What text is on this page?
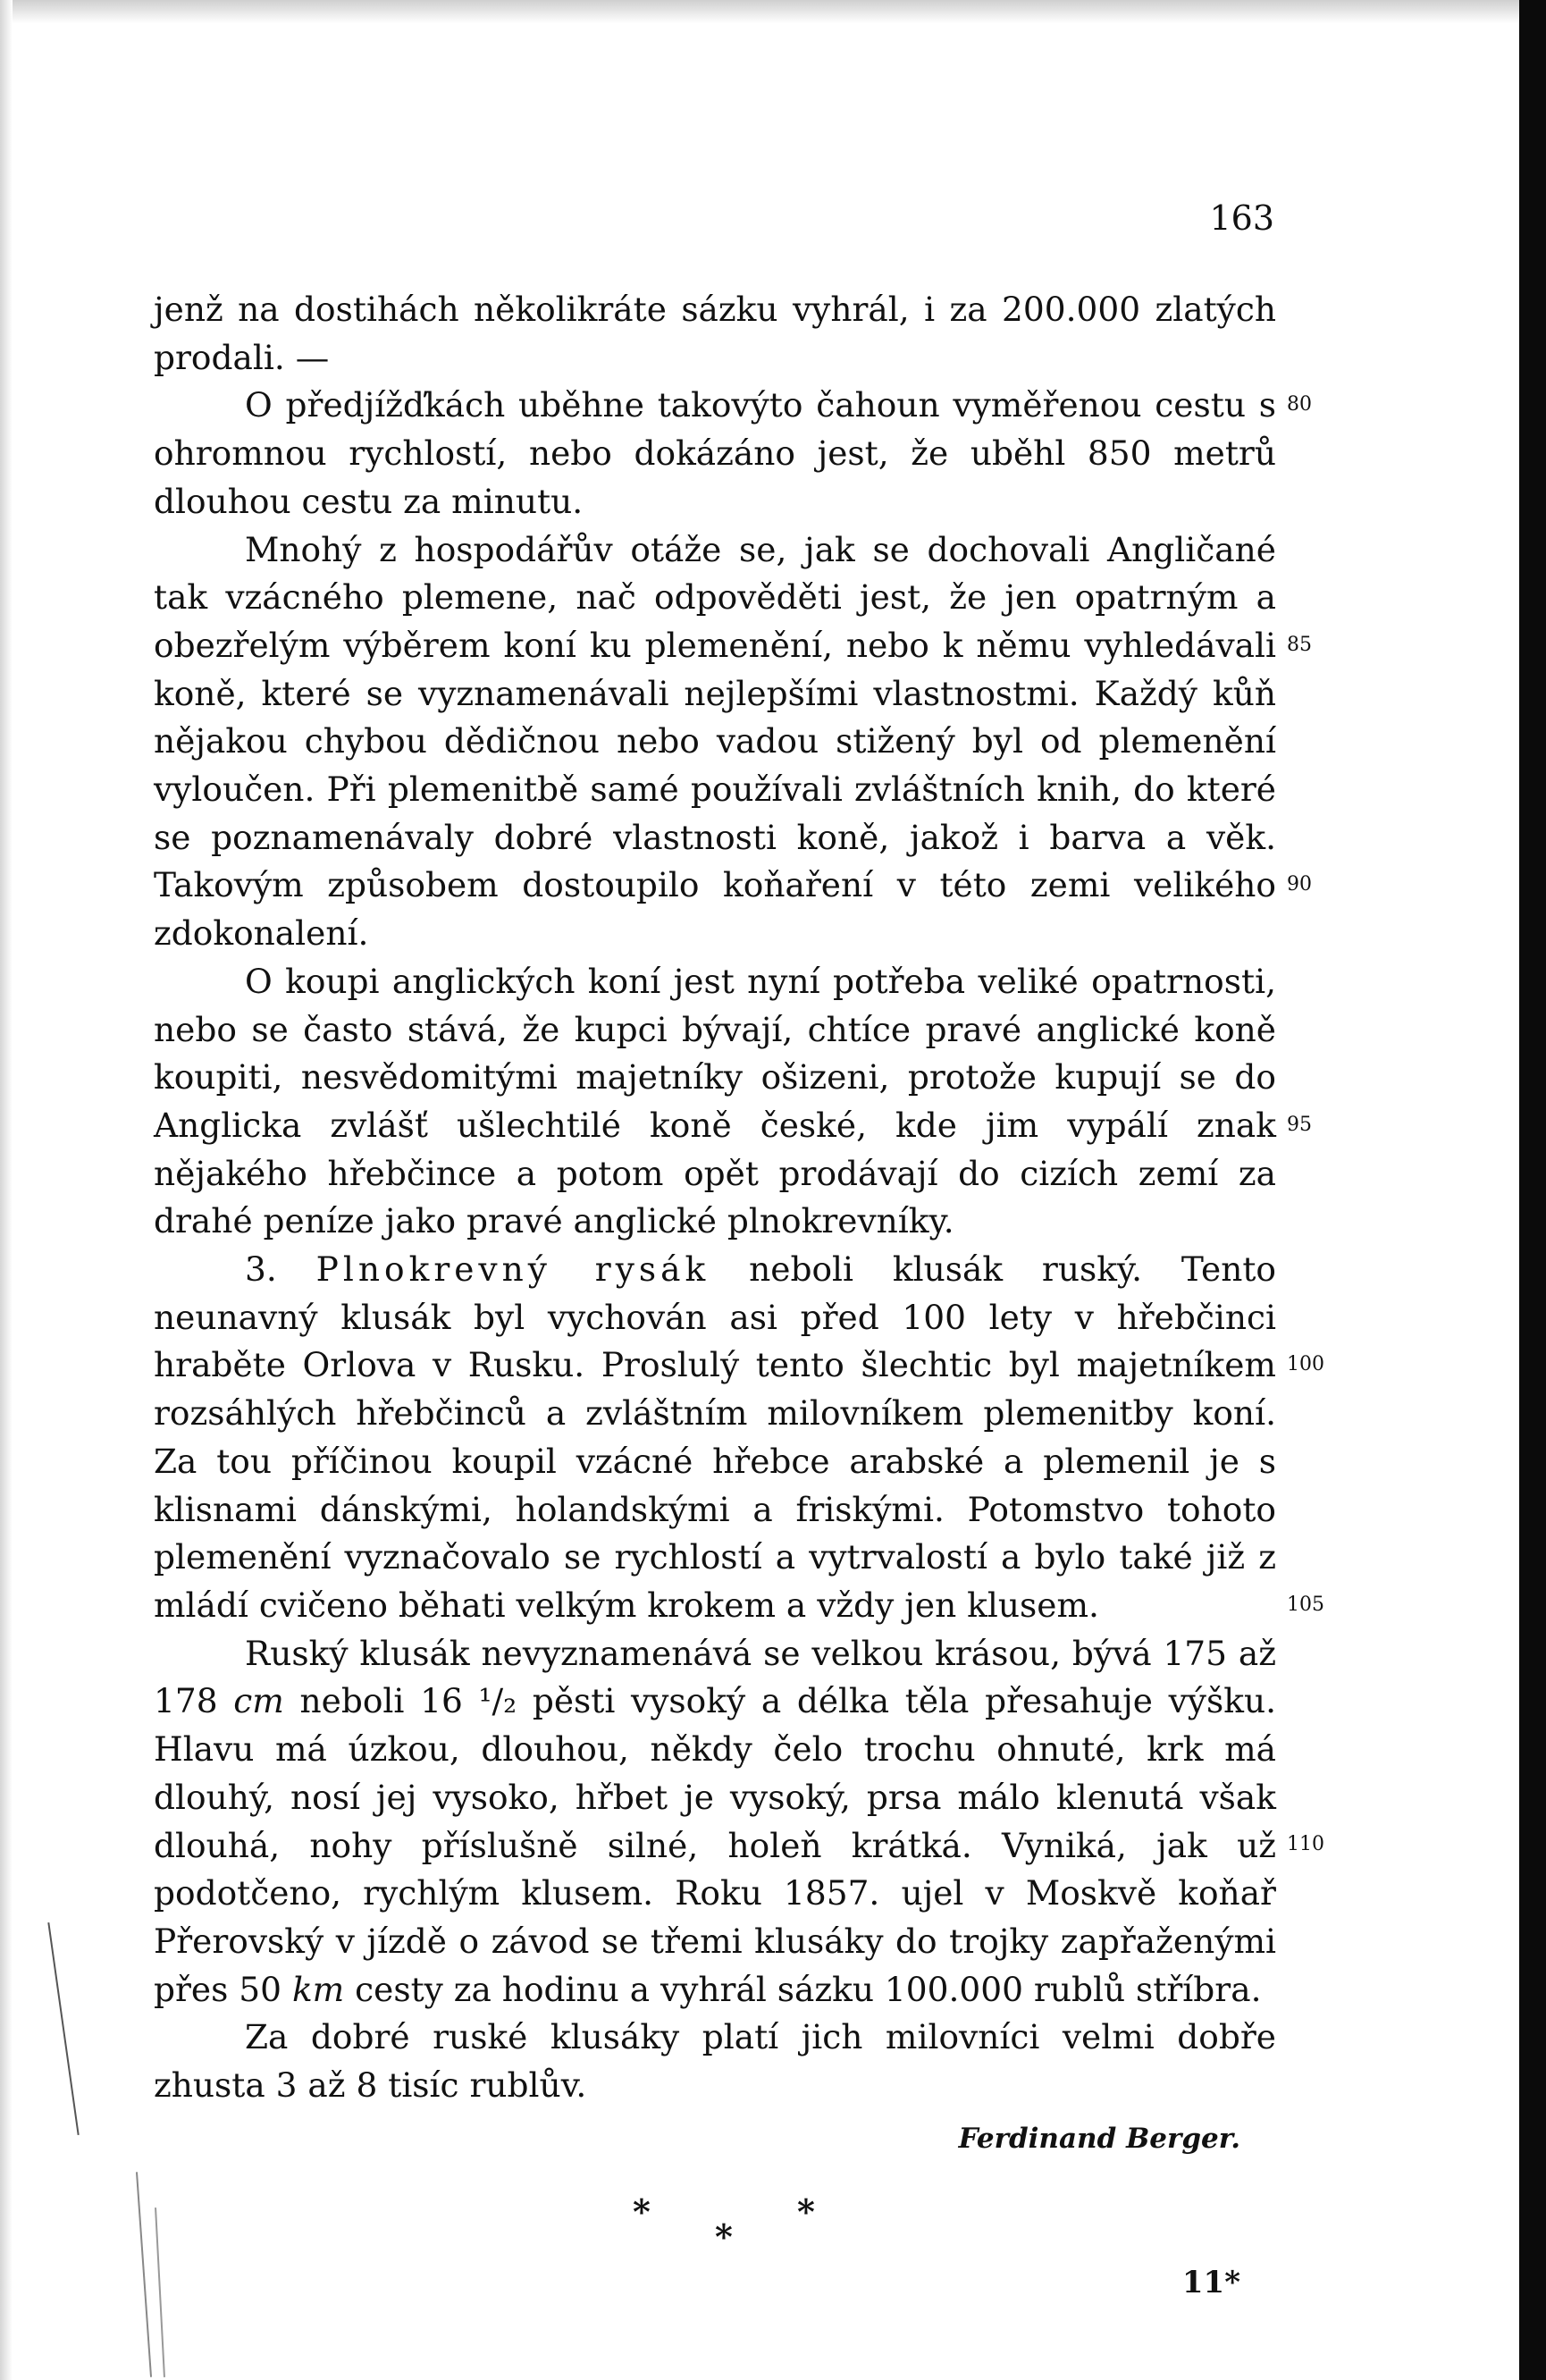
163

jenž na dostihách několikráte sázku vyhrál, i za 200.000 zlatých prodali. —

O předjížďkách uběhne takovýto čahoun vyměřenou cestu s ohromnou rychlostí, nebo dokázáno jest, že uběhl 850 metrů dlouhou cestu za minutu.

Mnohý z hospodářův otáže se, jak se dochovali Angličané tak vzácného plemene, nač odpověděti jest, že jen opatrným a obezřelým výběrem koní ku plemenění, nebo k němu vyhledávali koně, které se vyznamenávali nejlepšími vlastnostmi. Každý kůň nějakou chybou dědičnou nebo vadou stižený byl od plemenění vyloučen. Při plemenitbě samé používali zvláštních knih, do které se poznamenávaly dobré vlastnosti koně, jakož i barva a věk. Takovým způsobem dostoupilo koňaření v této zemi velikého zdokonalení.

O koupi anglických koní jest nyní potřeba veliké opatrnosti, nebo se často stává, že kupci bývají, chtíce pravé anglické koně koupiti, nesvědomitými majetníky ošizeni, protože kupují se do Anglicka zvlášť ušlechtilé koně české, kde jim vypálí znak nějakého hřebčince a potom opět prodávají do cizích zemí za drahé peníze jako pravé anglické plnokrevníky.

3. Plnokrevný rysák neboli klusák ruský. Tento neunavný klusák byl vychován asi před 100 lety v hřebčinci hraběte Orlova v Rusku. Proslulý tento šlechtic byl majetníkem rozsáhlých hřebčinců a zvláštním milovníkem plemenitby koní. Za tou příčinou koupil vzácné hřebce arabské a plemenil je s klisnami dánskými, holandskými a friskými. Potomstvo tohoto plemenění vyznačovalo se rychlostí a vytrvalostí a bylo také již z mládí cvičeno běhati velkým krokem a vždy jen klusem.

Ruský klusák nevyznamenává se velkou krásou, bývá 175 až 178 cm neboli 16 ¹/₂ pěsti vysoký a délka těla přesahuje výšku. Hlavu má úzkou, dlouhou, někdy čelo trochu ohnuté, krk má dlouhý, nosí jej vysoko, hřbet je vysoký, prsa málo klenutá však dlouhá, nohy příslušně silné, holeň krátká. Vyniká, jak už podotčeno, rychlým klusem. Roku 1857. ujel v Moskvě koňař Přerovský v jízdě o závod se třemi klusáky do trojky zapřaženými přes 50 km cesty za hodinu a vyhrál sázku 100.000 rublů stříbra.

Za dobré ruské klusáky platí jich milovníci velmi dobře zhusta 3 až 8 tisíc rublův.

Ferdinand Berger.
*
*
*
11*
80
85
90
95
100
105
110
